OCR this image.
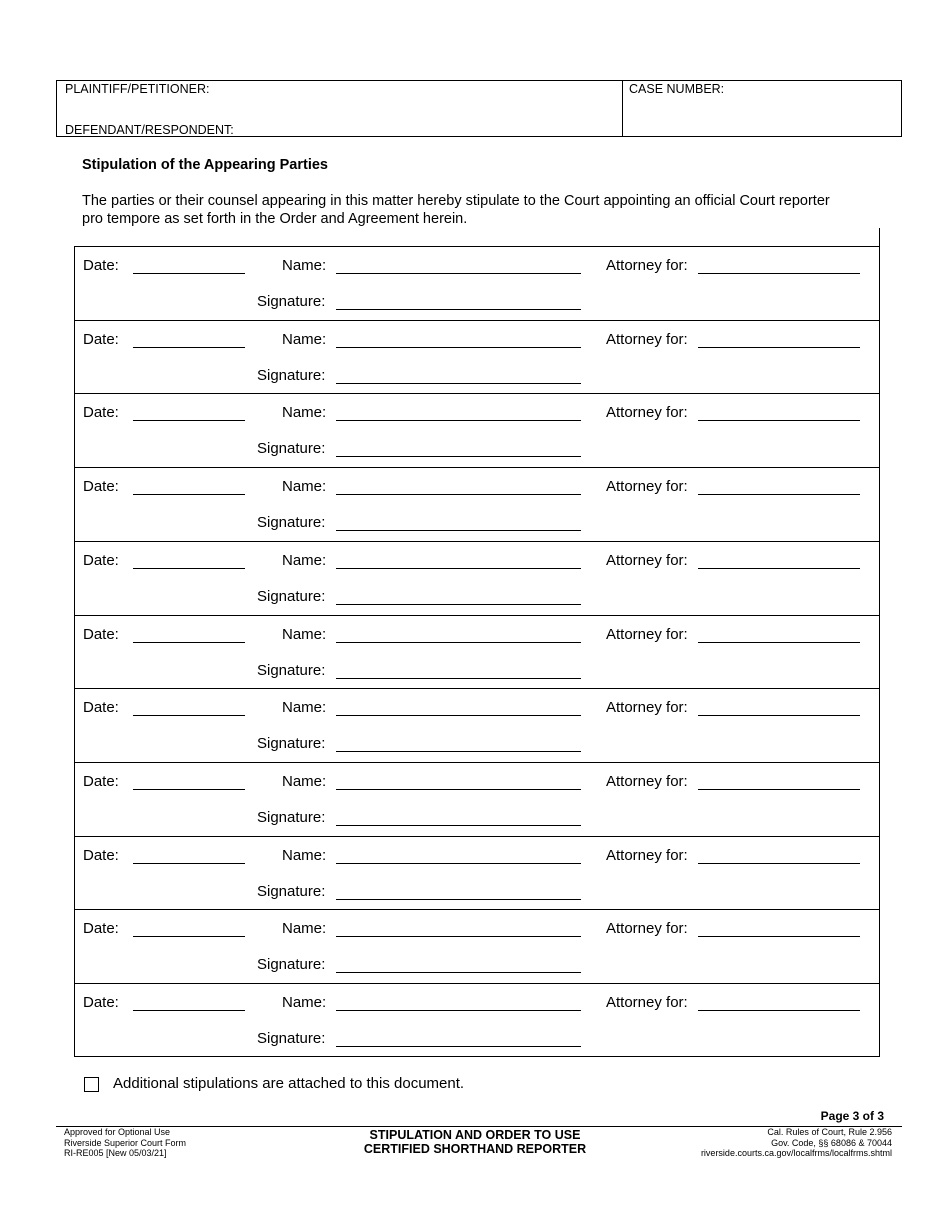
PLAINTIFF/PETITIONER:
DEFENDANT/RESPONDENT:
CASE NUMBER:
Stipulation of the Appearing Parties
The parties or their counsel appearing in this matter hereby stipulate to the Court appointing an official Court reporter pro tempore as set forth in the Order and Agreement herein.
Date:	Name:	Attorney for:
Signature:
Date:	Name:	Attorney for:
Signature:
Date:	Name:	Attorney for:
Signature:
Date:	Name:	Attorney for:
Signature:
Date:	Name:	Attorney for:
Signature:
Date:	Name:	Attorney for:
Signature:
Date:	Name:	Attorney for:
Signature:
Date:	Name:	Attorney for:
Signature:
Date:	Name:	Attorney for:
Signature:
Date:	Name:	Attorney for:
Signature:
Date:	Name:	Attorney for:
Signature:
Additional stipulations are attached to this document.
Page 3 of 3
Approved for Optional Use
Riverside Superior Court Form
RI-RE005 [New 05/03/21]
STIPULATION AND ORDER TO USE
CERTIFIED SHORTHAND REPORTER
Cal. Rules of Court, Rule 2.956
Gov. Code, §§ 68086 & 70044
riverside.courts.ca.gov/localfrms/localfrms.shtml
